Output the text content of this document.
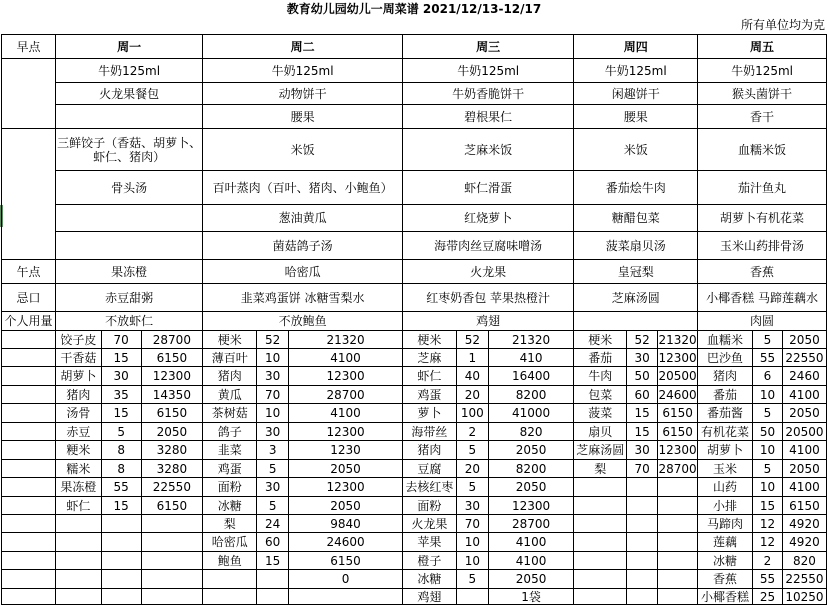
教育幼儿园幼儿一周菜谱 2021/12/13-12/17
所有单位均为克
早点	周一			周二			周三			周四			周五		
	牛奶125ml			牛奶125ml			牛奶125ml			牛奶125ml			牛奶125ml		
	火龙果餐包			动物饼干			牛奶香脆饼干			闲趣饼干			猴头菌饼干		
				腰果			碧根果仁			腰果			香干		
	三鲜饺子（香菇、胡萝卜、虾仁、猪肉）			米饭			芝麻米饭			米饭			血糯米饭		
	骨头汤			百叶蒸肉（百叶、猪肉、小鲍鱼）			虾仁滑蛋			番茄烩牛肉			茄汁鱼丸		
				葱油黄瓜			红烧萝卜			糖醋包菜			胡萝卜有机花菜		
				菌菇鸽子汤			海带肉丝豆腐味噌汤			菠菜扇贝汤			玉米山药排骨汤		
午点	果冻橙			哈密瓜			火龙果			皇冠梨			香蕉		
忌口	赤豆甜粥			韭菜鸡蛋饼 冰糖雪梨水			红枣奶香包 苹果热橙汁			芝麻汤圆			小椰香糕 马蹄莲藕水		
个人用量	不放虾仁			不放鲍鱼			鸡翅						肉圆		
	饺子皮	70	28700	梗米	52	21320	梗米	52	21320	梗米	52	21320	血糯米	5	2050
	干香菇	15	6150	薄百叶	10	4100	芝麻	1	410	番茄	30	12300	巴沙鱼	55	22550
	胡萝卜	30	12300	猪肉	30	12300	虾仁	40	16400	牛肉	50	20500	猪肉	6	2460
	猪肉	35	14350	黄瓜	70	28700	鸡蛋	20	8200	包菜	60	24600	番茄	10	4100
	汤骨	15	6150	茶树菇	10	4100	萝卜	100	41000	菠菜	15	6150	番茄酱	5	2050
	赤豆	5	2050	鸽子	30	12300	海带丝	2	820	扇贝	15	6150	有机花菜	50	20500
	粳米	8	3280	韭菜	3	1230	猪肉	5	2050	芝麻汤圆	30	12300	胡萝卜	10	4100
	糯米	8	3280	鸡蛋	5	2050	豆腐	20	8200	梨	70	28700	玉米	5	2050
	果冻橙	55	22550	面粉	30	12300	去核红枣	5	2050				山药	10	4100
	虾仁	15	6150	冰糖	5	2050	面粉	30	12300				小排	15	6150
				梨	24	9840	火龙果	70	28700				马蹄肉	12	4920
				哈密瓜	60	24600	苹果	10	4100				莲藕	12	4920
				鲍鱼	15	6150	橙子	10	4100				冰糖	2	820
						0	冰糖	5	2050				香蕉	55	22550
							鸡翅		1袋				小椰香糕	25	10250
